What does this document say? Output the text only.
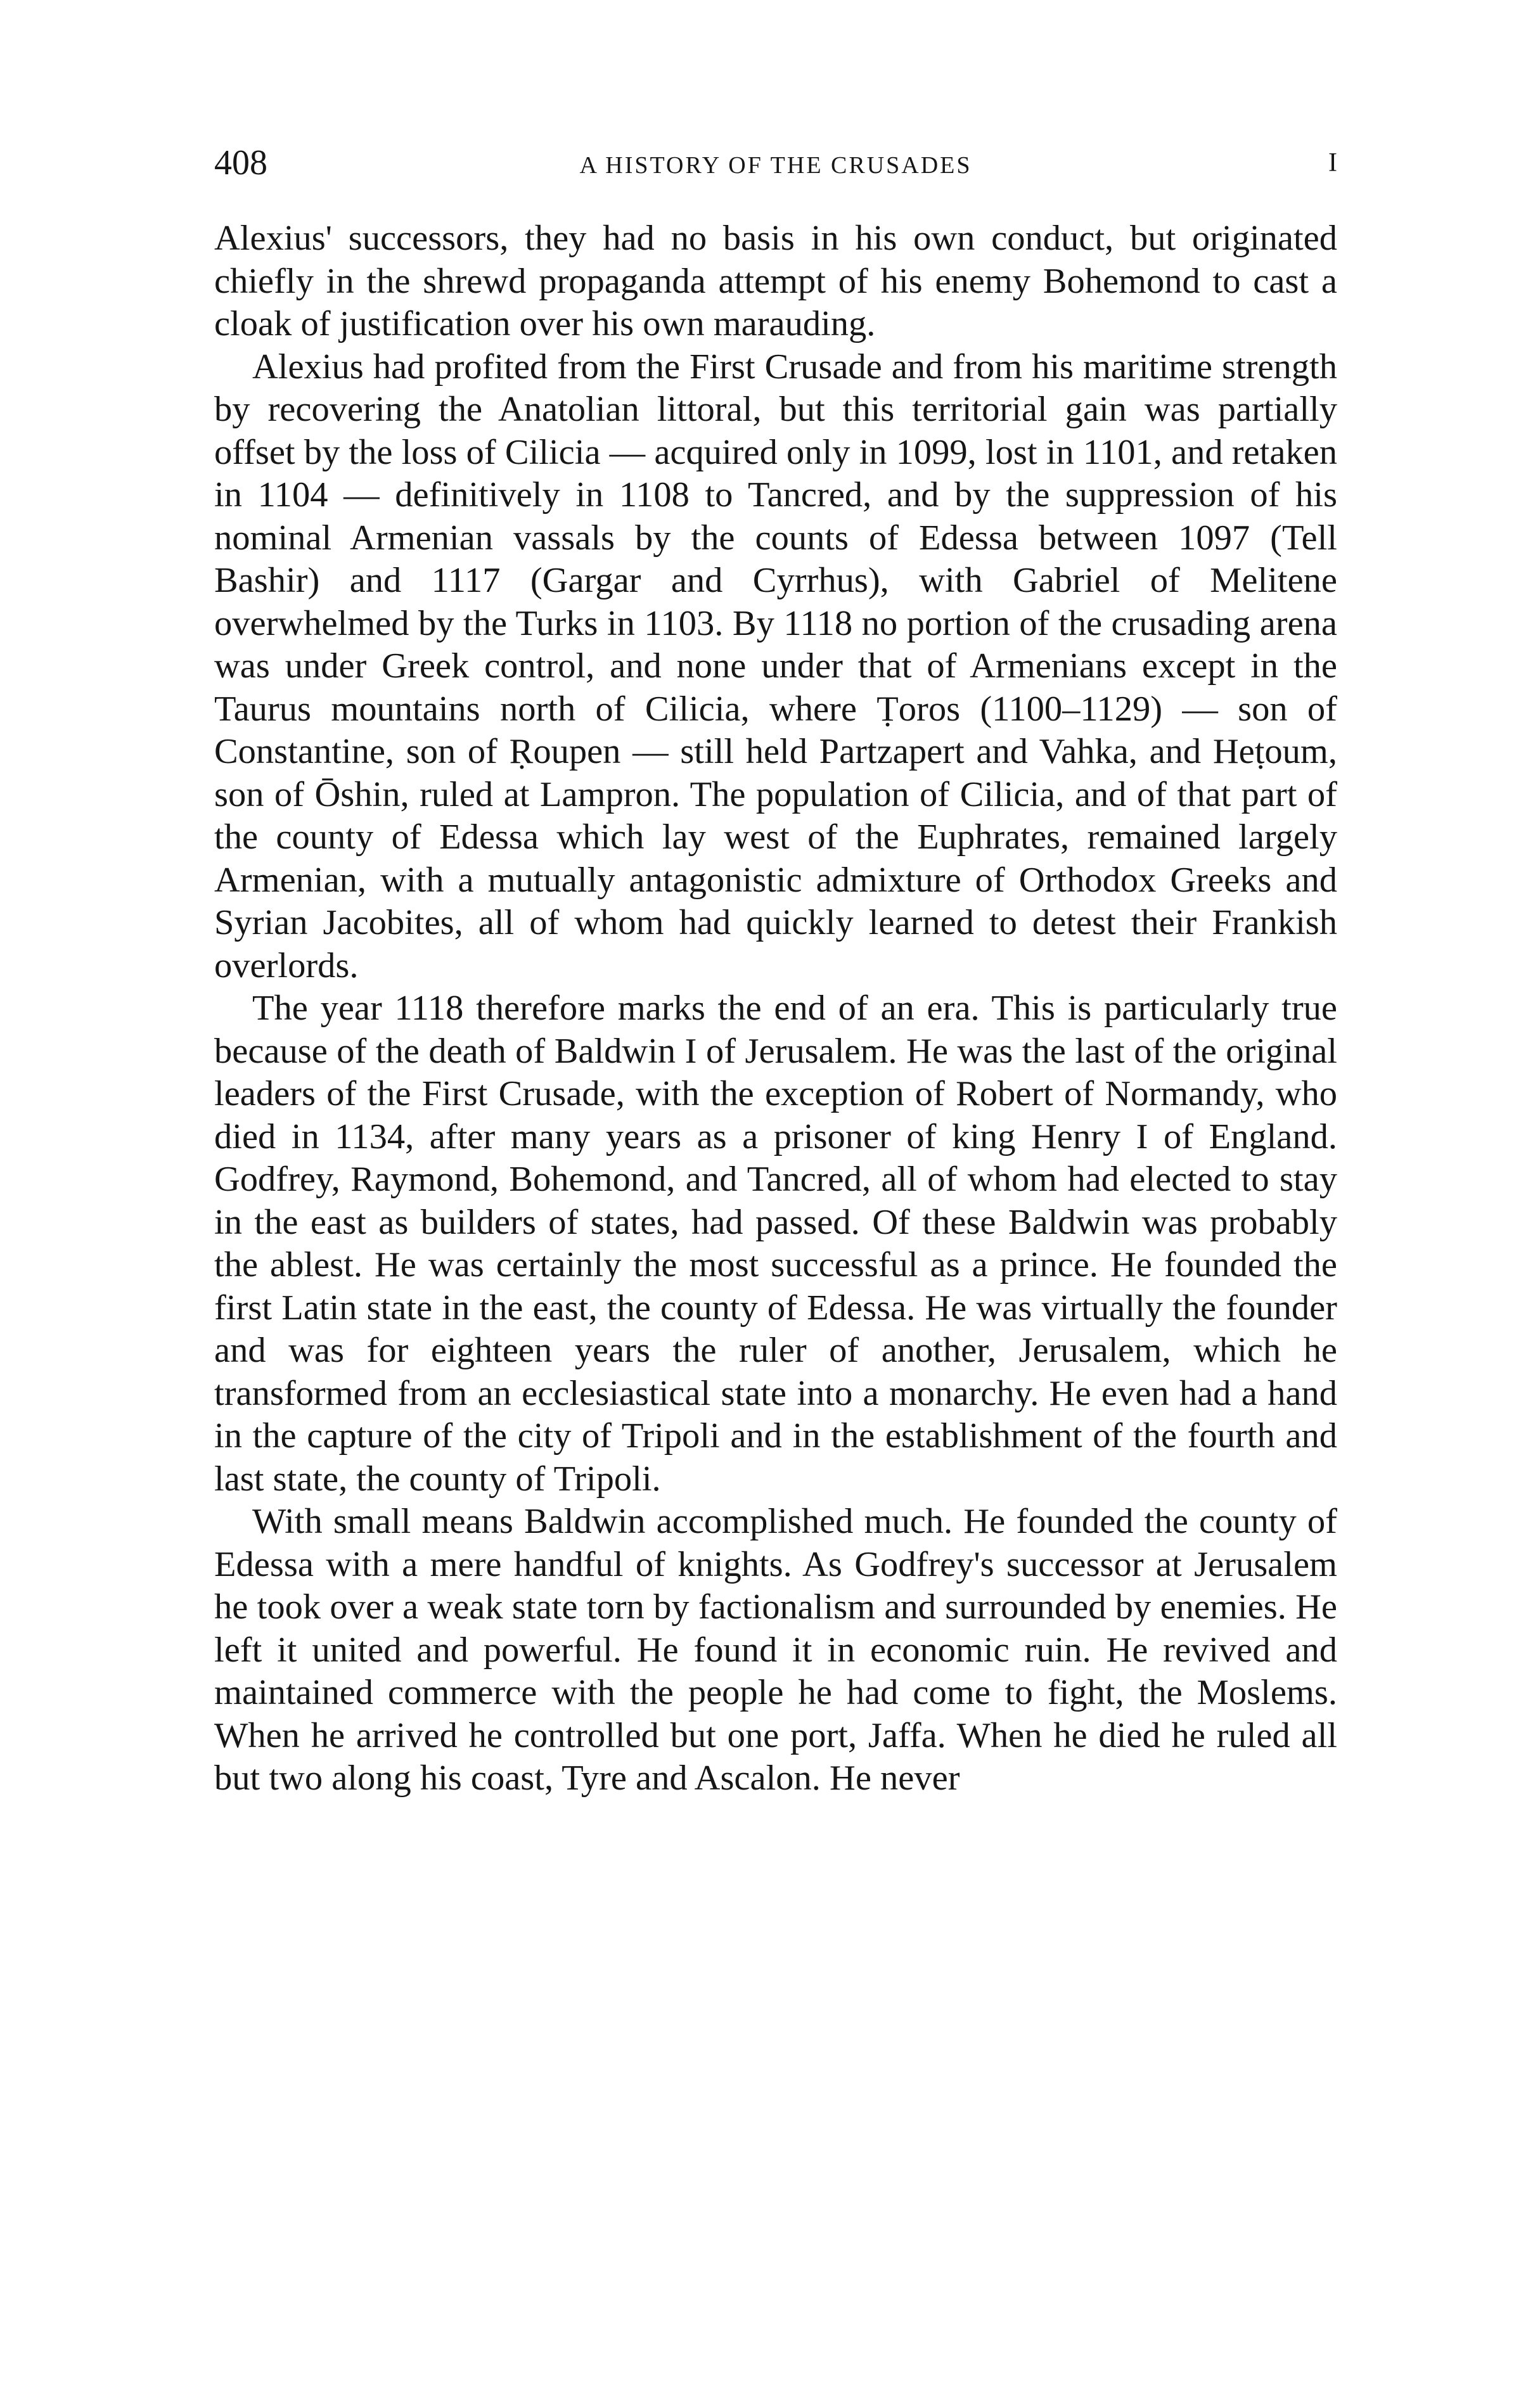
408	A HISTORY OF THE CRUSADES	I

Alexius' successors, they had no basis in his own conduct, but originated chiefly in the shrewd propaganda attempt of his enemy Bohemond to cast a cloak of justification over his own marauding.

Alexius had profited from the First Crusade and from his maritime strength by recovering the Anatolian littoral, but this territorial gain was partially offset by the loss of Cilicia — acquired only in 1099, lost in 1101, and retaken in 1104 — definitively in 1108 to Tancred, and by the suppression of his nominal Armenian vassals by the counts of Edessa between 1097 (Tell Bashir) and 1117 (Gargar and Cyrrhus), with Gabriel of Melitene overwhelmed by the Turks in 1103. By 1118 no portion of the crusading arena was under Greek control, and none under that of Armenians except in the Taurus mountains north of Cilicia, where Ṭoros (1100–1129) — son of Constantine, son of Ṛoupen — still held Partzapert and Vahka, and Heṭoum, son of Ōshin, ruled at Lampron. The population of Cilicia, and of that part of the county of Edessa which lay west of the Euphrates, remained largely Armenian, with a mutually antagonistic admixture of Orthodox Greeks and Syrian Jacobites, all of whom had quickly learned to detest their Frankish overlords.

The year 1118 therefore marks the end of an era. This is particularly true because of the death of Baldwin I of Jerusalem. He was the last of the original leaders of the First Crusade, with the exception of Robert of Normandy, who died in 1134, after many years as a prisoner of king Henry I of England. Godfrey, Raymond, Bohemond, and Tancred, all of whom had elected to stay in the east as builders of states, had passed. Of these Baldwin was probably the ablest. He was certainly the most successful as a prince. He founded the first Latin state in the east, the county of Edessa. He was virtually the founder and was for eighteen years the ruler of another, Jerusalem, which he transformed from an ecclesiastical state into a monarchy. He even had a hand in the capture of the city of Tripoli and in the establishment of the fourth and last state, the county of Tripoli.

With small means Baldwin accomplished much. He founded the county of Edessa with a mere handful of knights. As Godfrey's successor at Jerusalem he took over a weak state torn by factionalism and surrounded by enemies. He left it united and powerful. He found it in economic ruin. He revived and maintained commerce with the people he had come to fight, the Moslems. When he arrived he controlled but one port, Jaffa. When he died he ruled all but two along his coast, Tyre and Ascalon. He never
